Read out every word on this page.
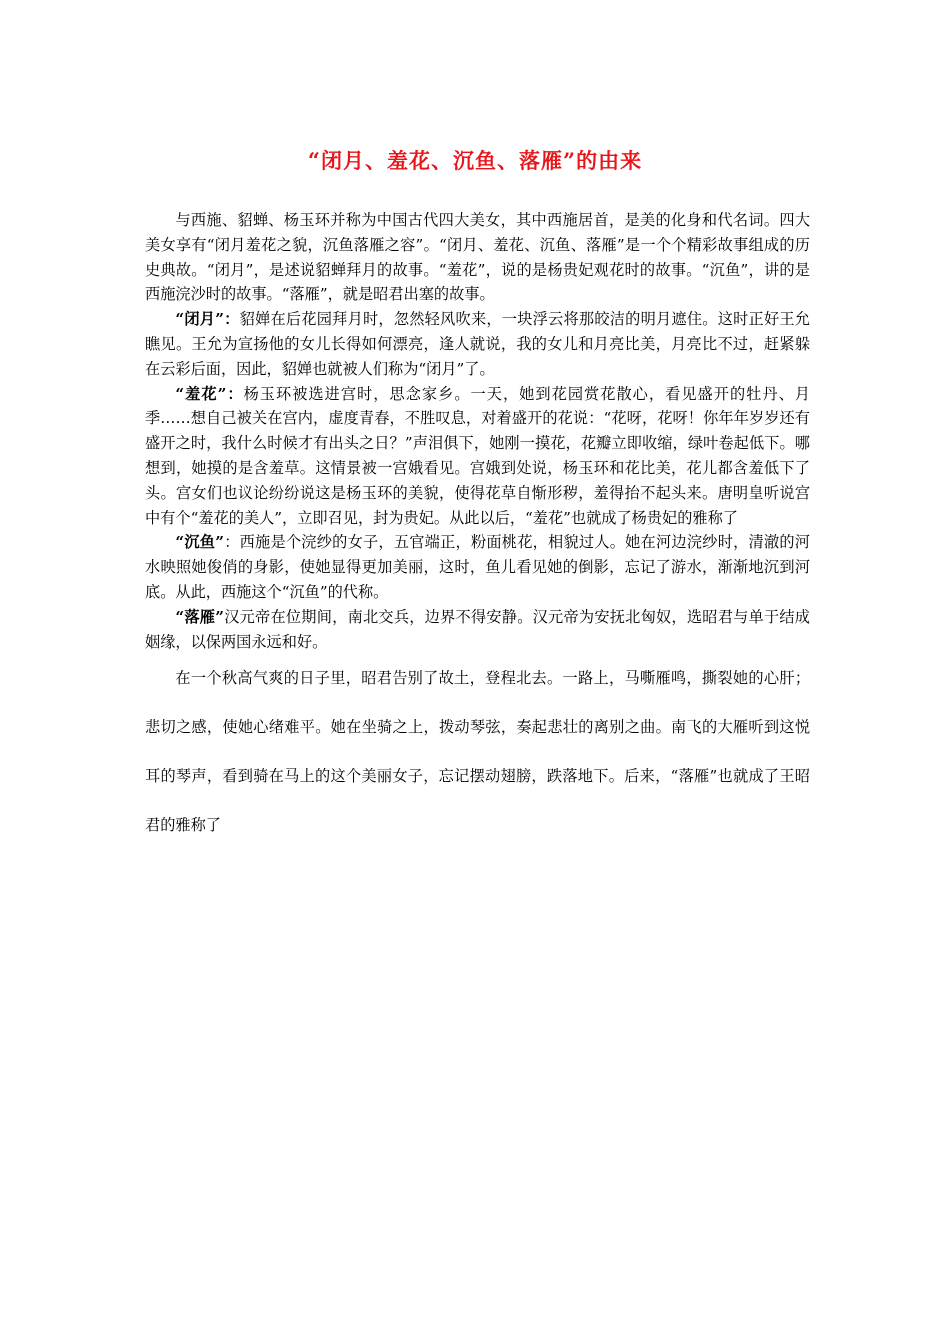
“闭月、羞花、沉鱼、落雁”的由来

与西施、貂蝉、杨玉环并称为中国古代四大美女，其中西施居首，是美的化身和代名词。四大美女享有“闭月羞花之貌，沉鱼落雁之容”。“闭月、羞花、沉鱼、落雁”是一个个精彩故事组成的历史典故。“闭月”，是述说貂蝉拜月的故事。“羞花”，说的是杨贵妃观花时的故事。“沉鱼”，讲的是西施浣沙时的故事。“落雁”，就是昭君出塞的故事。

“闭月”：貂婵在后花园拜月时，忽然轻风吹来，一块浮云将那皎洁的明月遮住。这时正好王允瞧见。王允为宣扬他的女儿长得如何漂亮，逢人就说，我的女儿和月亮比美，月亮比不过，赶紧躲在云彩后面，因此，貂婵也就被人们称为“闭月”了。

“羞花”：杨玉环被选进宫时，思念家乡。一天，她到花园赏花散心，看见盛开的牡丹、月季……想自己被关在宫内，虚度青春，不胜叹息，对着盛开的花说：“花呀，花呀！你年年岁岁还有盛开之时，我什么时候才有出头之日？”声泪俱下，她刚一摸花，花瓣立即收缩，绿叶卷起低下。哪想到，她摸的是含羞草。这情景被一宫娥看见。宫娥到处说，杨玉环和花比美，花儿都含羞低下了头。宫女们也议论纷纷说这是杨玉环的美貌，使得花草自惭形秽，羞得抬不起头来。唐明皇听说宫中有个“羞花的美人”，立即召见，封为贵妃。从此以后，“羞花”也就成了杨贵妃的雅称了

“沉鱼”：西施是个浣纱的女子，五官端正，粉面桃花，相貌过人。她在河边浣纱时，清澈的河水映照她俊俏的身影，使她显得更加美丽，这时，鱼儿看见她的倒影，忘记了游水，渐渐地沉到河底。从此，西施这个“沉鱼”的代称。

“落雁”汉元帝在位期间，南北交兵，边界不得安静。汉元帝为安抚北匈奴，选昭君与单于结成姻缘，以保两国永远和好。

在一个秋高气爽的日子里，昭君告别了故土，登程北去。一路上，马嘶雁鸣，撕裂她的心肝；悲切之感，使她心绪难平。她在坐骑之上，拨动琴弦，奏起悲壮的离别之曲。南飞的大雁听到这悦耳的琴声，看到骑在马上的这个美丽女子，忘记摆动翅膀，跌落地下。后来，“落雁”也就成了王昭君的雅称了
